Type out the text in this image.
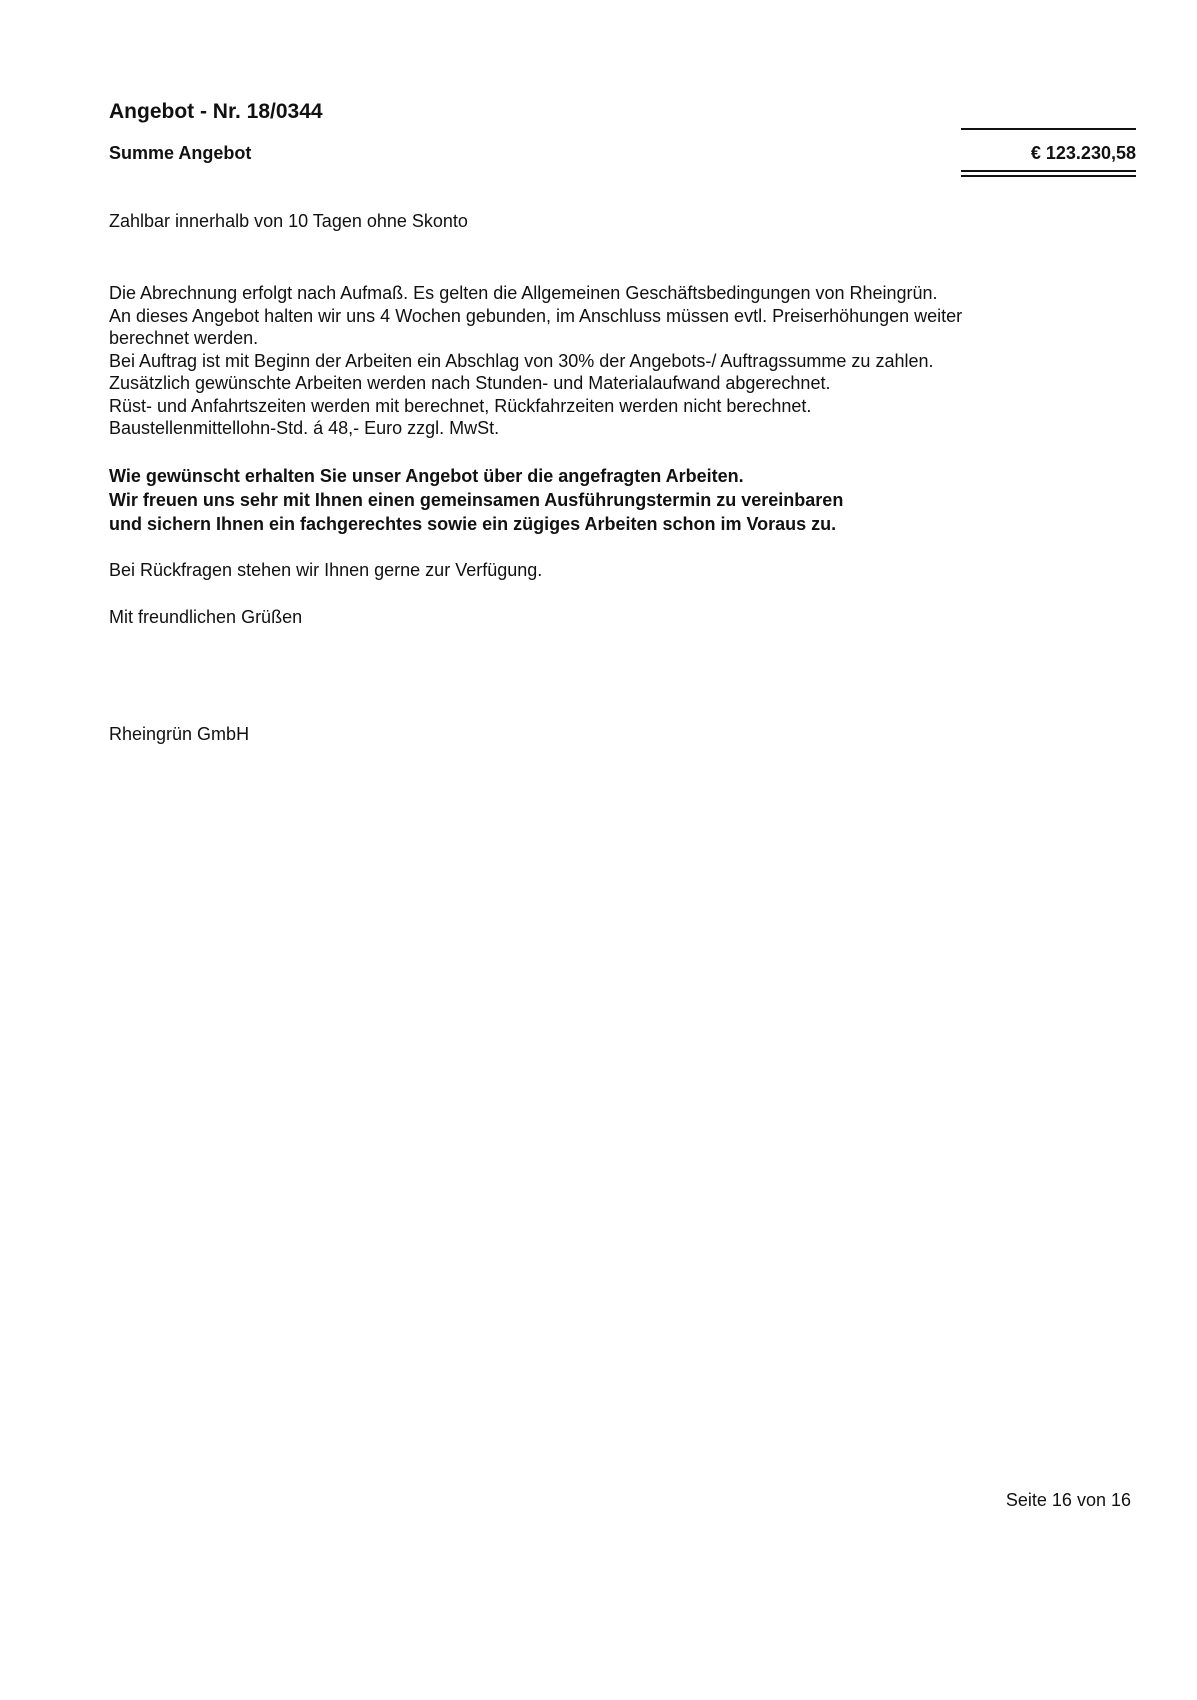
Angebot - Nr. 18/0344
Summe Angebot	€ 123.230,58
Zahlbar innerhalb von 10 Tagen ohne Skonto
Die Abrechnung erfolgt nach Aufmaß. Es gelten die Allgemeinen Geschäftsbedingungen von Rheingrün.
An dieses Angebot halten wir uns 4 Wochen gebunden, im Anschluss müssen evtl. Preiserhöhungen weiter
berechnet werden.
Bei Auftrag ist mit Beginn der Arbeiten ein Abschlag von 30% der Angebots-/ Auftragssumme zu zahlen.
Zusätzlich gewünschte Arbeiten werden nach Stunden- und Materialaufwand abgerechnet.
Rüst- und Anfahrtszeiten werden mit berechnet, Rückfahrzeiten werden nicht berechnet.
Baustellenmittellohn-Std. á 48,- Euro zzgl. MwSt.
Wie gewünscht erhalten Sie unser Angebot über die angefragten Arbeiten.
Wir freuen uns sehr mit Ihnen einen gemeinsamen Ausführungstermin zu vereinbaren
und sichern Ihnen ein fachgerechtes sowie ein zügiges Arbeiten schon im Voraus zu.
Bei Rückfragen stehen wir Ihnen gerne zur Verfügung.
Mit freundlichen Grüßen
Rheingrün GmbH
Seite 16 von 16
